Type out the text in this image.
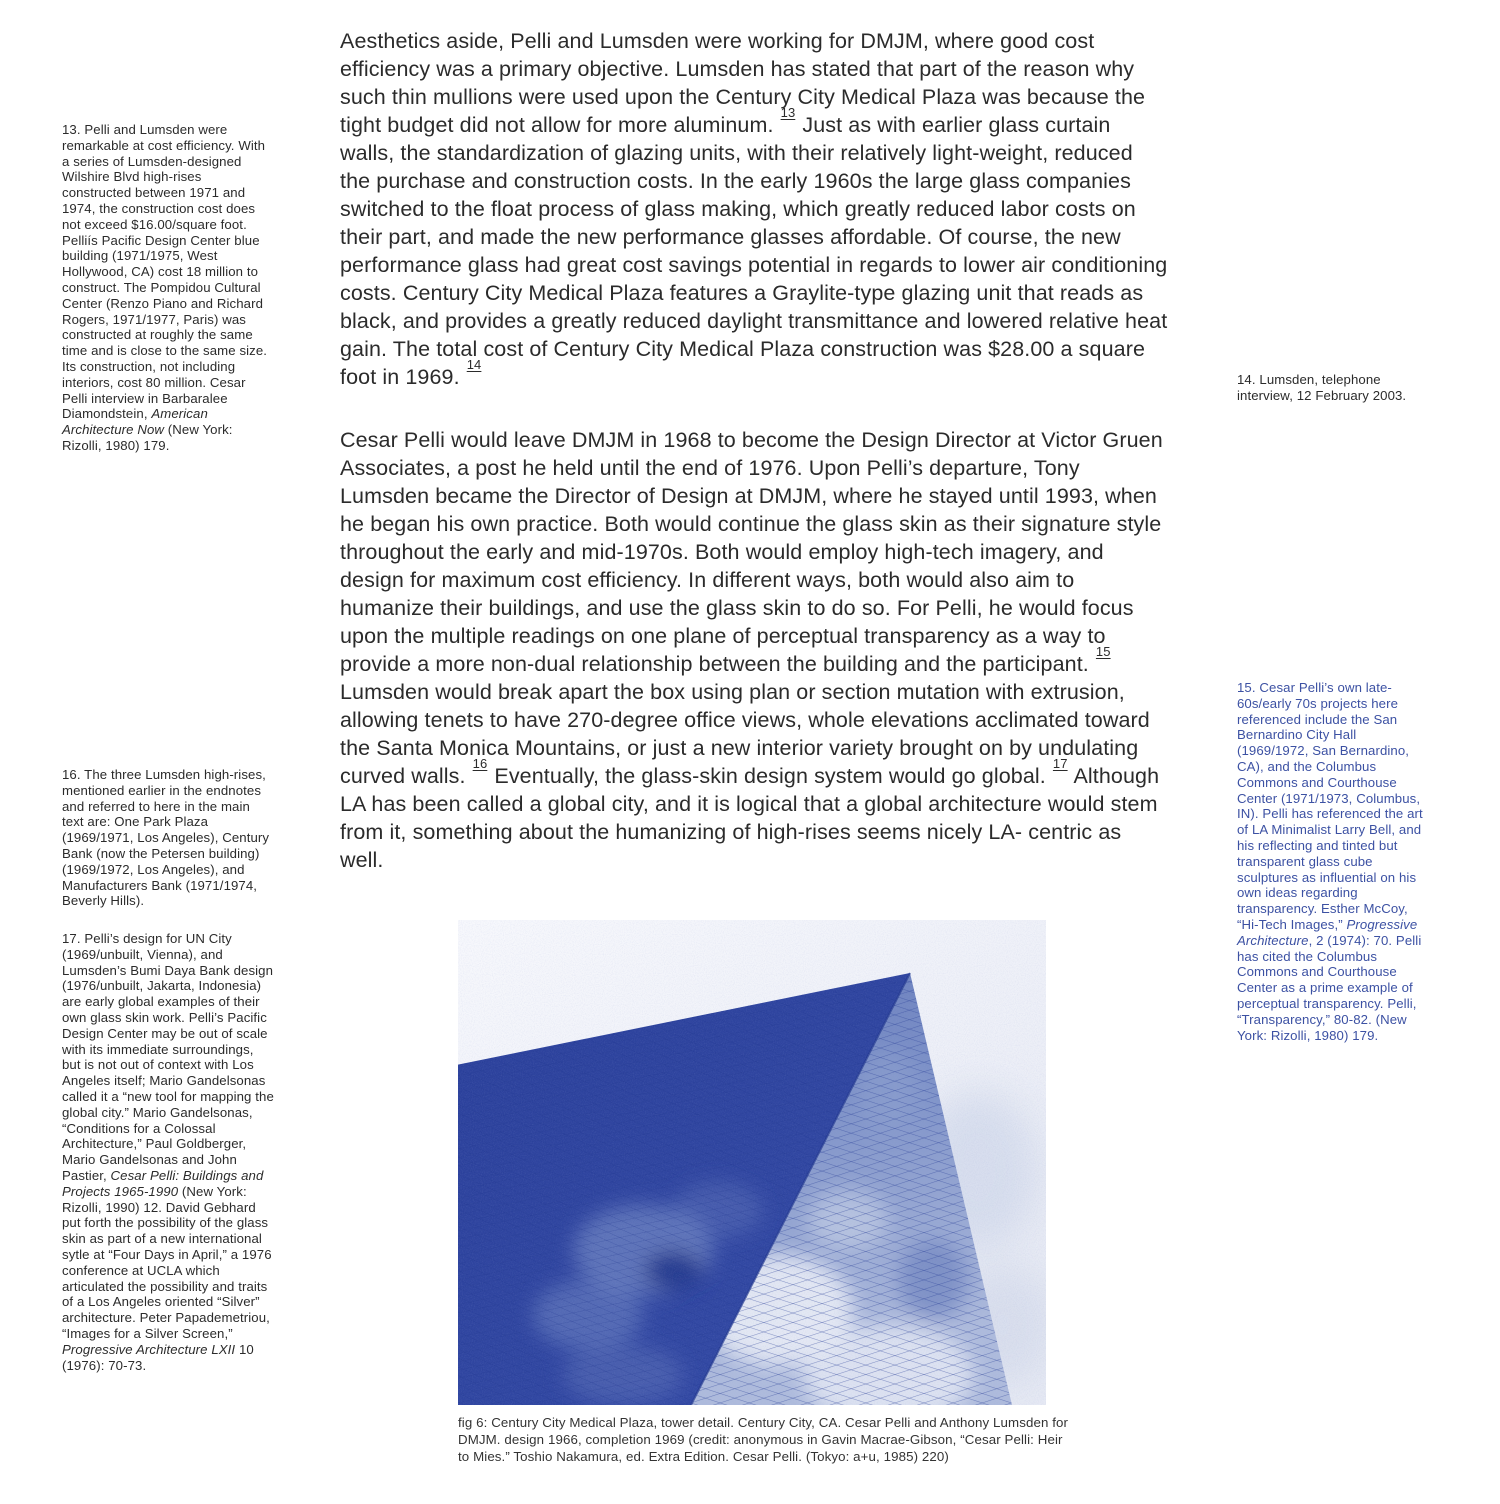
Aesthetics aside, Pelli and Lumsden were working for DMJM, where good cost efficiency was a primary objective. Lumsden has stated that part of the reason why such thin mullions were used upon the Century City Medical Plaza was because the tight budget did not allow for more aluminum. $^{13}$ Just as with earlier glass curtain walls, the standardization of glazing units, with their relatively light-weight, reduced the purchase and construction costs. In the early 1960s the large glass companies switched to the float process of glass making, which greatly reduced labor costs on their part, and made the new performance glasses affordable. Of course, the new performance glass had great cost savings potential in regards to lower air conditioning costs. Century City Medical Plaza features a Graylite-type glazing unit that reads as black, and provides a greatly reduced daylight transmittance and lowered relative heat gain. The total cost of Century City Medical Plaza construction was $28.00 a square foot in 1969. $^{14}$

Cesar Pelli would leave DMJM in 1968 to become the Design Director at Victor Gruen Associates, a post he held until the end of 1976. Upon Pelli’s departure, Tony Lumsden became the Director of Design at DMJM, where he stayed until 1993, when he began his own practice. Both would continue the glass skin as their signature style throughout the early and mid-1970s. Both would employ high-tech imagery, and design for maximum cost efficiency. In different ways, both would also aim to humanize their buildings, and use the glass skin to do so. For Pelli, he would focus upon the multiple readings on one plane of perceptual transparency as a way to provide a more non-dual relationship between the building and the participant. $^{15}$ Lumsden would break apart the box using plan or section mutation with extrusion, allowing tenets to have 270-degree office views, whole elevations acclimated toward the Santa Monica Mountains, or just a new interior variety brought on by undulating curved walls. $^{16}$ Eventually, the glass-skin design system would go global. $^{17}$ Although LA has been called a global city, and it is logical that a global architecture would stem from it, something about the humanizing of high-rises seems nicely LA- centric as well.

13. Pelli and Lumsden were remarkable at cost efficiency. With a series of Lumsden-designed Wilshire Blvd high-rises constructed between 1971 and 1974, the construction cost does not exceed $16.00/square foot. Pelliís Pacific Design Center blue building (1971/1975, West Hollywood, CA) cost 18 million to construct. The Pompidou Cultural Center (Renzo Piano and Richard Rogers, 1971/1977, Paris) was constructed at roughly the same time and is close to the same size. Its construction, not including interiors, cost 80 million. Cesar Pelli interview in Barbaralee Diamondstein, American Architecture Now (New York: Rizolli, 1980) 179.

16. The three Lumsden high-rises, mentioned earlier in the endnotes and referred to here in the main text are: One Park Plaza (1969/1971, Los Angeles), Century Bank (now the Petersen building) (1969/1972, Los Angeles), and Manufacturers Bank (1971/1974, Beverly Hills).

17. Pelli’s design for UN City (1969/unbuilt, Vienna), and Lumsden’s Bumi Daya Bank design (1976/unbuilt, Jakarta, Indonesia) are early global examples of their own glass skin work. Pelli’s Pacific Design Center may be out of scale with its immediate surroundings, but is not out of context with Los Angeles itself; Mario Gandelsonas called it a “new tool for mapping the global city.” Mario Gandelsonas, “Conditions for a Colossal Architecture,” Paul Goldberger, Mario Gandelsonas and John Pastier, Cesar Pelli: Buildings and Projects 1965-1990 (New York: Rizolli, 1990) 12. David Gebhard put forth the possibility of the glass skin as part of a new international sytle at “Four Days in April,” a 1976 conference at UCLA which articulated the possibility and traits of a Los Angeles oriented “Silver” architecture. Peter Papademetriou, “Images for a Silver Screen,” Progressive Architecture LXII 10 (1976): 70-73.

14. Lumsden, telephone interview, 12 February 2003.

15. Cesar Pelli’s own late-60s/early 70s projects here referenced include the San Bernardino City Hall (1969/1972, San Bernardino, CA), and the Columbus Commons and Courthouse Center (1971/1973, Columbus, IN). Pelli has referenced the art of LA Minimalist Larry Bell, and his reflecting and tinted but transparent glass cube sculptures as influential on his own ideas regarding transparency. Esther McCoy, “Hi-Tech Images,” Progressive Architecture, 2 (1974): 70. Pelli has cited the Columbus Commons and Courthouse Center as a prime example of perceptual transparency. Pelli, “Transparency,” 80-82. (New York: Rizolli, 1980) 179.

fig 6: Century City Medical Plaza, tower detail. Century City, CA. Cesar Pelli and Anthony Lumsden for DMJM. design 1966, completion 1969 (credit: anonymous in Gavin Macrae-Gibson, “Cesar Pelli: Heir to Mies.” Toshio Nakamura, ed. Extra Edition. Cesar Pelli. (Tokyo: a+u, 1985) 220)
